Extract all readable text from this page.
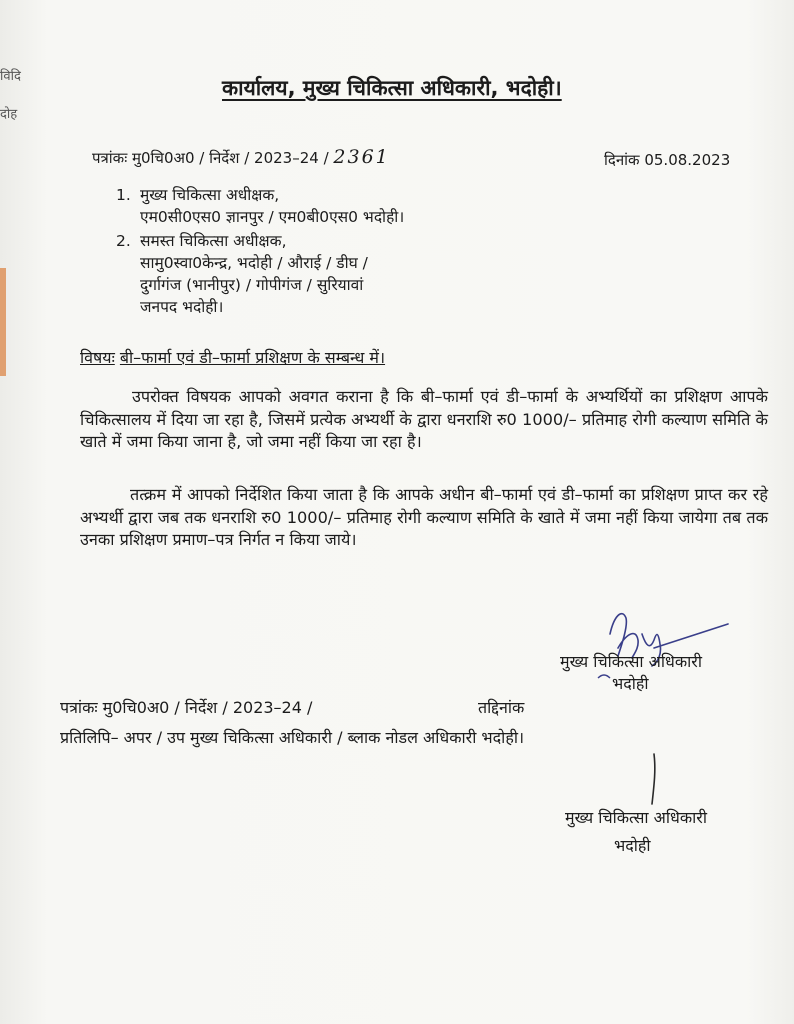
विदि
दोह
कार्यालय, मुख्य चिकित्सा अधिकारी, भदोही।
पत्रांकः मु0चि0अ0 / निर्देश / 2023–24 / 2361	दिनांक 05.08.2023
1. मुख्य चिकित्सा अधीक्षक,
एम0सी0एस0 ज्ञानपुर / एम0बी0एस0 भदोही।
2. समस्त चिकित्सा अधीक्षक,
सामु0स्वा0केन्द्र, भदोही / औराई / डीघ /
दुर्गागंज (भानीपुर) / गोपीगंज / सुरियावां
जनपद भदोही।
विषयः बी–फार्मा एवं डी–फार्मा प्रशिक्षण के सम्बन्ध में।
उपरोक्त विषयक आपको अवगत कराना है कि बी–फार्मा एवं डी–फार्मा के अभ्यर्थियों का प्रशिक्षण आपके चिकित्सालय में दिया जा रहा है, जिसमें प्रत्येक अभ्यर्थी के द्वारा धनराशि रु0 1000/– प्रतिमाह रोगी कल्याण समिति के खाते में जमा किया जाना है, जो जमा नहीं किया जा रहा है।
तत्क्रम में आपको निर्देशित किया जाता है कि आपके अधीन बी–फार्मा एवं डी–फार्मा का प्रशिक्षण प्राप्त कर रहे अभ्यर्थी द्वारा जब तक धनराशि रु0 1000/– प्रतिमाह रोगी कल्याण समिति के खाते में जमा नहीं किया जायेगा तब तक उनका प्रशिक्षण प्रमाण–पत्र निर्गत न किया जाये।
मुख्य चिकित्सा अधिकारी
भदोही
पत्रांकः मु0चि0अ0 / निर्देश / 2023–24 /	तद्दिनांक
प्रतिलिपि– अपर / उप मुख्य चिकित्सा अधिकारी / ब्लाक नोडल अधिकारी भदोही।
मुख्य चिकित्सा अधिकारी
भदोही
